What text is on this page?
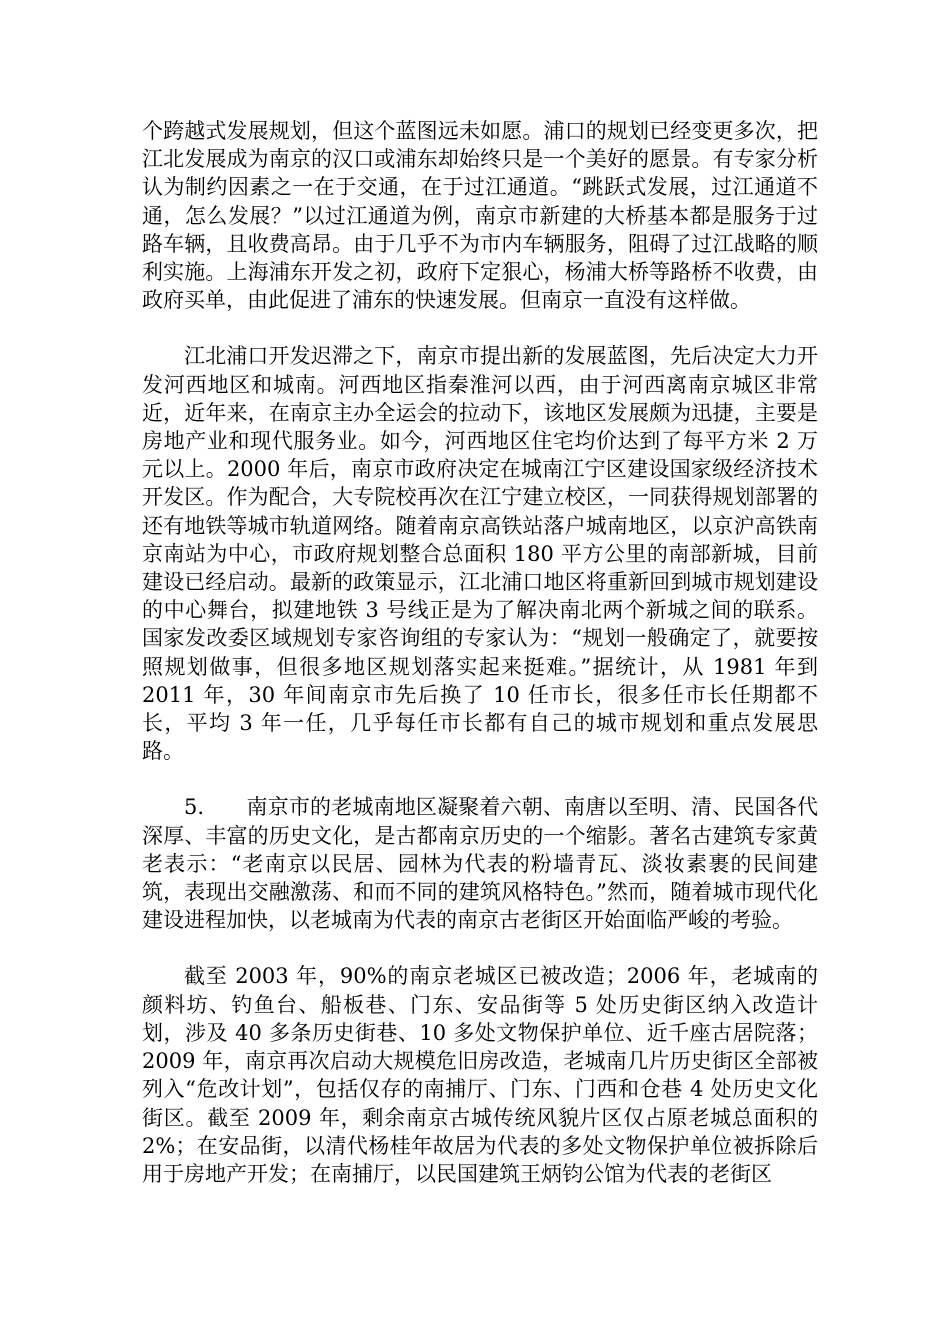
个跨越式发展规划，但这个蓝图远未如愿。浦口的规划已经变更多次，把江北发展成为南京的汉口或浦东却始终只是一个美好的愿景。有专家分析认为制约因素之一在于交通，在于过江通道。“跳跃式发展，过江通道不通，怎么发展？”以过江通道为例，南京市新建的大桥基本都是服务于过路车辆，且收费高昂。由于几乎不为市内车辆服务，阻碍了过江战略的顺利实施。上海浦东开发之初，政府下定狠心，杨浦大桥等路桥不收费，由政府买单，由此促进了浦东的快速发展。但南京一直没有这样做。

江北浦口开发迟滞之下，南京市提出新的发展蓝图，先后决定大力开发河西地区和城南。河西地区指秦淮河以西，由于河西离南京城区非常近，近年来，在南京主办全运会的拉动下，该地区发展颇为迅捷，主要是房地产业和现代服务业。如今，河西地区住宅均价达到了每平方米 2 万元以上。2000 年后，南京市政府决定在城南江宁区建设国家级经济技术开发区。作为配合，大专院校再次在江宁建立校区，一同获得规划部署的还有地铁等城市轨道网络。随着南京高铁站落户城南地区，以京沪高铁南京南站为中心，市政府规划整合总面积 180 平方公里的南部新城，目前建设已经启动。最新的政策显示，江北浦口地区将重新回到城市规划建设的中心舞台，拟建地铁 3 号线正是为了解决南北两个新城之间的联系。国家发改委区域规划专家咨询组的专家认为：“规划一般确定了，就要按照规划做事，但很多地区规划落实起来挺难。”据统计，从 1981 年到 2011 年，30 年间南京市先后换了 10 任市长，很多任市长任期都不长，平均 3 年一任，几乎每任市长都有自己的城市规划和重点发展思路。

5.　　南京市的老城南地区凝聚着六朝、南唐以至明、清、民国各代深厚、丰富的历史文化，是古都南京历史的一个缩影。著名古建筑专家黄老表示：“老南京以民居、园林为代表的粉墙青瓦、淡妆素裹的民间建筑，表现出交融激荡、和而不同的建筑风格特色。”然而，随着城市现代化建设进程加快，以老城南为代表的南京古老街区开始面临严峻的考验。

截至 2003 年，90%的南京老城区已被改造；2006 年，老城南的颜料坊、钓鱼台、船板巷、门东、安品街等 5 处历史街区纳入改造计划，涉及 40 多条历史街巷、10 多处文物保护单位、近千座古居院落；2009 年，南京再次启动大规模危旧房改造，老城南几片历史街区全部被列入“危改计划”，包括仅存的南捕厅、门东、门西和仓巷 4 处历史文化街区。截至 2009 年，剩余南京古城传统风貌片区仅占原老城总面积的 2%；在安品街，以清代杨桂年故居为代表的多处文物保护单位被拆除后用于房地产开发；在南捕厅，以民国建筑王炳钧公馆为代表的老街区
